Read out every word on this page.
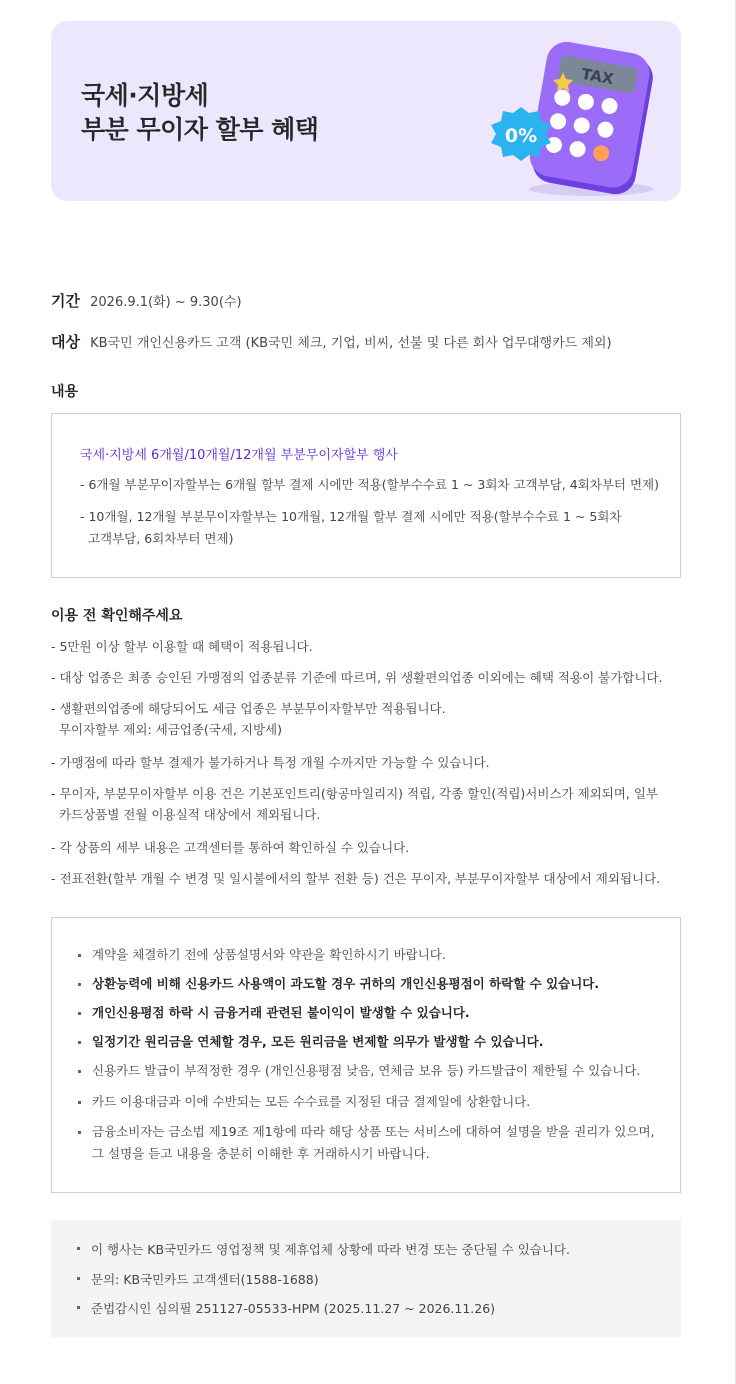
국세·지방세
부분 무이자 할부 혜택
TAX
0%
기간 2026.9.1(화) ~ 9.30(수)
대상 KB국민 개인신용카드 고객 (KB국민 체크, 기업, 비씨, 선불 및 다른 회사 업무대행카드 제외)
내용
국세·지방세 6개월/10개월/12개월 부분무이자할부 행사
- 6개월 부분무이자할부는 6개월 할부 결제 시에만 적용(할부수수료 1 ~ 3회차 고객부담, 4회차부터 면제)
- 10개월, 12개월 부분무이자할부는 10개월, 12개월 할부 결제 시에만 적용(할부수수료 1 ~ 5회차
고객부담, 6회차부터 면제)
이용 전 확인해주세요
- 5만원 이상 할부 이용할 때 혜택이 적용됩니다.
- 대상 업종은 최종 승인된 가맹점의 업종분류 기준에 따르며, 위 생활편의업종 이외에는 혜택 적용이 불가합니다.
- 생활편의업종에 해당되어도 세금 업종은 부분무이자할부만 적용됩니다.
무이자할부 제외: 세금업종(국세, 지방세)
- 가맹점에 따라 할부 결제가 불가하거나 특정 개월 수까지만 가능할 수 있습니다.
- 무이자, 부분무이자할부 이용 건은 기본포인트리(항공마일리지) 적립, 각종 할인(적립)서비스가 제외되며, 일부
카드상품별 전월 이용실적 대상에서 제외됩니다.
- 각 상품의 세부 내용은 고객센터를 통하여 확인하실 수 있습니다.
- 전표전환(할부 개월 수 변경 및 일시불에서의 할부 전환 등) 건은 무이자, 부분무이자할부 대상에서 제외됩니다.
계약을 체결하기 전에 상품설명서와 약관을 확인하시기 바랍니다.
상환능력에 비해 신용카드 사용액이 과도할 경우 귀하의 개인신용평점이 하락할 수 있습니다.
개인신용평점 하락 시 금융거래 관련된 불이익이 발생할 수 있습니다.
일정기간 원리금을 연체할 경우, 모든 원리금을 변제할 의무가 발생할 수 있습니다.
신용카드 발급이 부적정한 경우 (개인신용평점 낮음, 연체금 보유 등) 카드발급이 제한될 수 있습니다.
카드 이용대금과 이에 수반되는 모든 수수료를 지정된 대금 결제일에 상환합니다.
금융소비자는 금소법 제19조 제1항에 따라 해당 상품 또는 서비스에 대하여 설명을 받을 권리가 있으며,
그 설명을 듣고 내용을 충분히 이해한 후 거래하시기 바랍니다.
이 행사는 KB국민카드 영업정책 및 제휴업체 상황에 따라 변경 또는 중단될 수 있습니다.
문의: KB국민카드 고객센터(1588-1688)
준법감시인 심의필 251127-05533-HPM (2025.11.27 ~ 2026.11.26)
